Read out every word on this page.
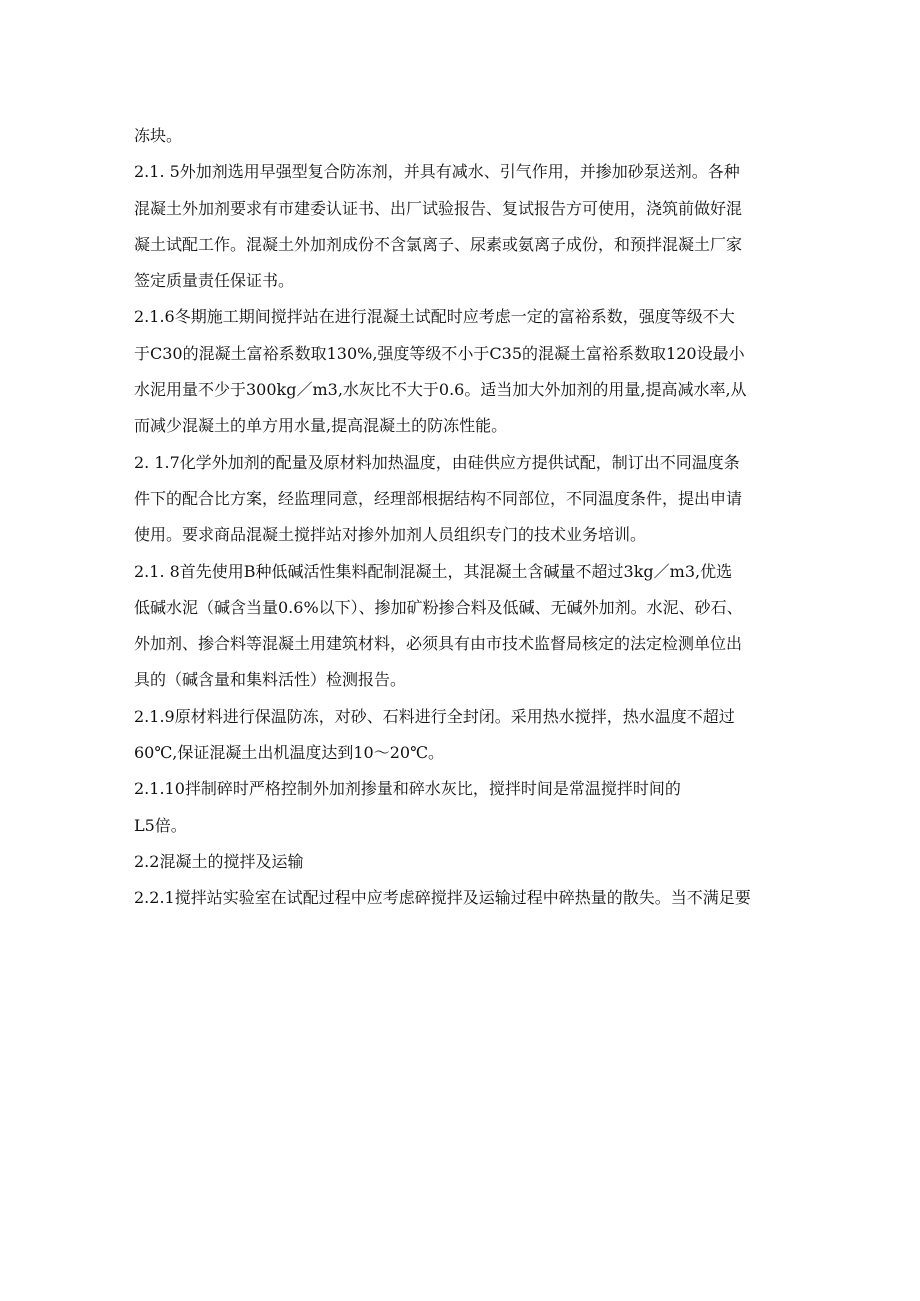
冻块。

2.1. 5外加剂选用早强型复合防冻剂，并具有减水、引气作用，并掺加砂泵送剂。各种
混凝土外加剂要求有市建委认证书、出厂试验报告、复试报告方可使用，浇筑前做好混
凝土试配工作。混凝土外加剂成份不含氯离子、尿素或氨离子成份，和预拌混凝土厂家
签定质量责任保证书。

2.1.6冬期施工期间搅拌站在进行混凝土试配时应考虑一定的富裕系数，强度等级不大
于C30的混凝土富裕系数取130%,强度等级不小于C35的混凝土富裕系数取120设最小
水泥用量不少于300kg／m3,水灰比不大于0.6。适当加大外加剂的用量,提高减水率,从
而减少混凝土的单方用水量,提高混凝土的防冻性能。

2. 1.7化学外加剂的配量及原材料加热温度，由硅供应方提供试配，制订出不同温度条
件下的配合比方案，经监理同意，经理部根据结构不同部位，不同温度条件，提出申请
使用。要求商品混凝土搅拌站对掺外加剂人员组织专门的技术业务培训。

2.1. 8首先使用B种低碱活性集料配制混凝土，其混凝土含碱量不超过3kg／m3,优选
低碱水泥（碱含当量0.6%以下）、掺加矿粉掺合料及低碱、无碱外加剂。水泥、砂石、
外加剂、掺合料等混凝土用建筑材料，必须具有由市技术监督局核定的法定检测单位出
具的（碱含量和集料活性）检测报告。

2.1.9原材料进行保温防冻，对砂、石料进行全封闭。采用热水搅拌，热水温度不超过
60℃,保证混凝土出机温度达到10～20℃。

2.1.10拌制碎时严格控制外加剂掺量和碎水灰比，搅拌时间是常温搅拌时间的

L5倍。

2.2混凝土的搅拌及运输

2.2.1搅拌站实验室在试配过程中应考虑碎搅拌及运输过程中碎热量的散失。当不满足要
